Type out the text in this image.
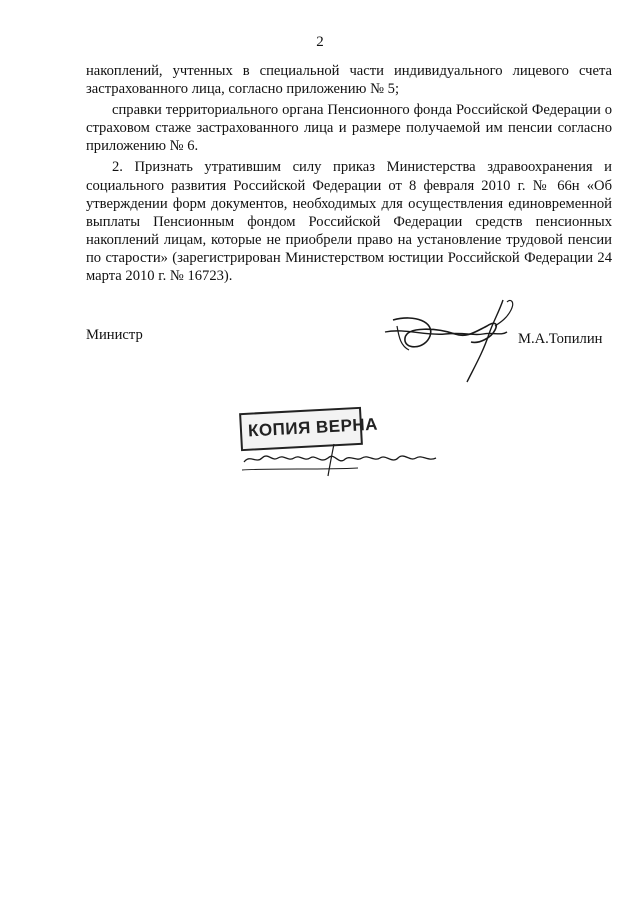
2

накоплений, учтенных в специальной части индивидуального лицевого счета застрахованного лица, согласно приложению № 5;

справки территориального органа Пенсионного фонда Российской Федерации о страховом стаже застрахованного лица и размере получаемой им пенсии согласно приложению № 6.

2. Признать утратившим силу приказ Министерства здравоохранения и социального развития Российской Федерации от 8 февраля 2010 г. № 66н «Об утверждении форм документов, необходимых для осуществления единовременной выплаты Пенсионным фондом Российской Федерации средств пенсионных накоплений лицам, которые не приобрели право на установление трудовой пенсии по старости» (зарегистрирован Министерством юстиции Российской Федерации 24 марта 2010 г. № 16723).

Министр	М.А.Топилин
КОПИЯ ВЕРНА
